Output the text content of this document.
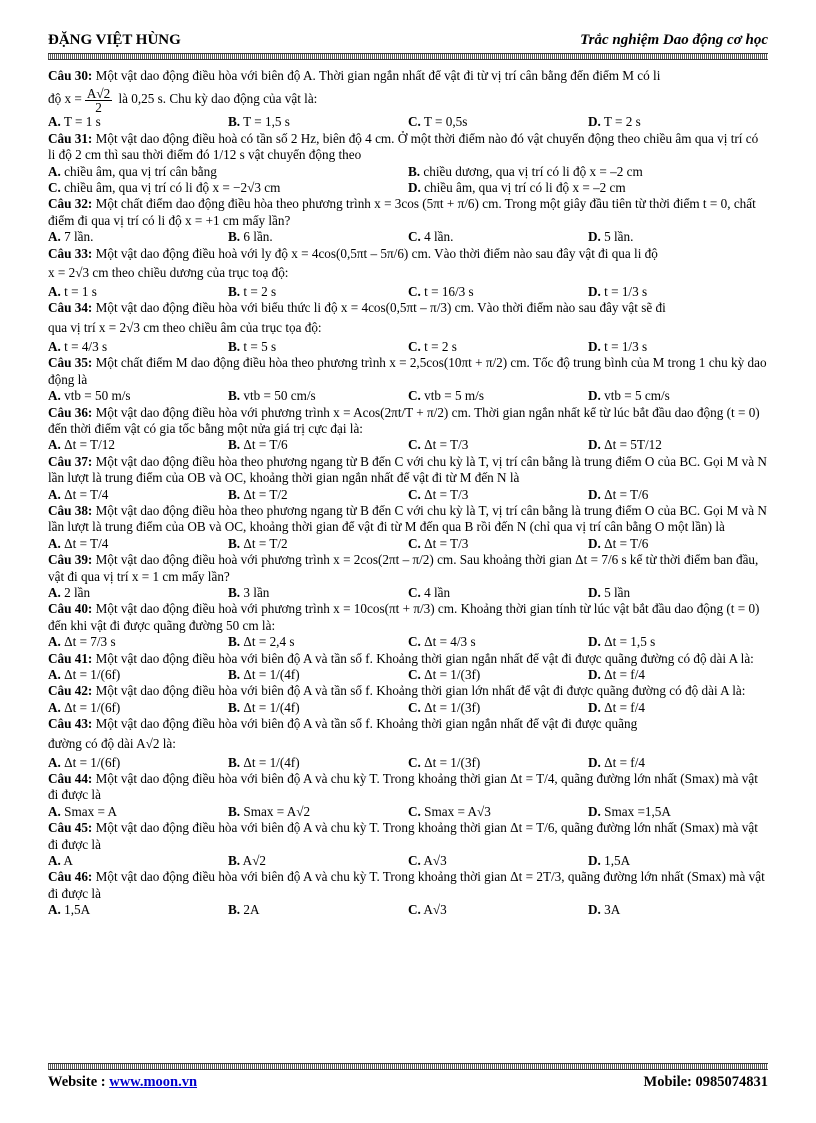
ĐẶNG VIỆT HÙNG	Trắc nghiệm Dao động cơ học
Câu 30: Một vật dao động điều hòa với biên độ A. Thời gian ngắn nhất để vật đi từ vị trí cân bằng đến điểm M có li
độ $x = \frac{A√2}{2}$ là 0,25 s. Chu kỳ dao động của vật là:
A. T = 1 s	B. T = 1,5 s	C. T = 0,5s	D. T = 2 s
Câu 31: Một vật dao động điều hoà có tần số 2 Hz, biên độ 4 cm. Ở một thời điểm nào đó vật chuyển động theo chiều âm qua vị trí có li độ 2 cm thì sau thời điểm đó 1/12 s vật chuyển động theo
A. chiều âm, qua vị trí cân bằng	B. chiều dương, qua vị trí có li độ x = –2 cm
C. chiều âm, qua vị trí có li độ x = −2√3 cm	D. chiều âm, qua vị trí có li độ x = –2 cm
Câu 32: Một chất điểm dao động điều hòa theo phương trình x = 3cos (5πt + π/6) cm. Trong một giây đầu tiên từ thời điểm t = 0, chất điểm đi qua vị trí có li độ x = +1 cm mấy lần?
A. 7 lần.	B. 6 lần.	C. 4 lần.	D. 5 lần.
Câu 33: Một vật dao động điều hoà với ly độ x = 4cos(0,5πt – 5π/6) cm. Vào thời điểm nào sau đây vật đi qua li độ
x = 2√3 cm theo chiều dương của trục toạ độ:
A. t = 1 s	B. t = 2 s	C. t = 16/3 s	D. t = 1/3 s
Câu 34: Một vật dao động điều hòa với biểu thức li độ x = 4cos(0,5πt – π/3) cm. Vào thời điểm nào sau đây vật sẽ đi
qua vị trí x = 2√3 cm theo chiều âm của trục tọa độ:
A. t = 4/3 s	B. t = 5 s	C. t = 2 s	D. t = 1/3 s
Câu 35: Một chất điểm M dao động điều hòa theo phương trình x = 2,5cos(10πt + π/2) cm. Tốc độ trung bình của M trong 1 chu kỳ dao động là
A. vtb = 50 m/s	B. vtb = 50 cm/s	C. vtb = 5 m/s	D. vtb = 5 cm/s
Câu 36: Một vật dao động điều hòa với phương trình x = Acos(2πt/T + π/2) cm. Thời gian ngắn nhất kể từ lúc bắt đầu dao động (t = 0) đến thời điểm vật có gia tốc bằng một nửa giá trị cực đại là:
A. Δt = T/12	B. Δt = T/6	C. Δt = T/3	D. Δt = 5T/12
Câu 37: Một vật dao động điều hòa theo phương ngang từ B đến C với chu kỳ là T, vị trí cân bằng là trung điểm O của BC. Gọi M và N lần lượt là trung điểm của OB và OC, khoảng thời gian ngắn nhất để vật đi từ M đến N là
A. Δt = T/4	B. Δt = T/2	C. Δt = T/3	D. Δt = T/6
Câu 38: Một vật dao động điều hòa theo phương ngang từ B đến C với chu kỳ là T, vị trí cân bằng là trung điểm O của BC. Gọi M và N lần lượt là trung điểm của OB và OC, khoảng thời gian để vật đi từ M đến qua B rồi đến N (chỉ qua vị trí cân bằng O một lần) là
A. Δt = T/4	B. Δt = T/2	C. Δt = T/3	D. Δt = T/6
Câu 39: Một vật dao động điều hoà với phương trình x = 2cos(2πt – π/2) cm. Sau khoảng thời gian Δt = 7/6 s kể từ thời điểm ban đầu, vật đi qua vị trí x = 1 cm mấy lần?
A. 2 lần	B. 3 lần	C. 4 lần	D. 5 lần
Câu 40: Một vật dao động điều hoà với phương trình x = 10cos(πt + π/3) cm. Khoảng thời gian tính từ lúc vật bắt đầu dao động (t = 0) đến khi vật đi được quãng đường 50 cm là:
A. Δt = 7/3 s	B. Δt = 2,4 s	C. Δt = 4/3 s	D. Δt = 1,5 s
Câu 41: Một vật dao động điều hòa với biên độ A và tần số f. Khoảng thời gian ngắn nhất để vật đi được quãng đường có độ dài A là:
A. Δt = 1/(6f)	B. Δt = 1/(4f)	C. Δt = 1/(3f)	D. Δt = f/4
Câu 42: Một vật dao động điều hòa với biên độ A và tần số f. Khoảng thời gian lớn nhất để vật đi được quãng đường có độ dài A là:
A. Δt = 1/(6f)	B. Δt = 1/(4f)	C. Δt = 1/(3f)	D. Δt = f/4
Câu 43: Một vật dao động điều hòa với biên độ A và tần số f. Khoảng thời gian ngắn nhất để vật đi được quãng
đường có độ dài A√2 là:
A. Δt = 1/(6f)	B. Δt = 1/(4f)	C. Δt = 1/(3f)	D. Δt = f/4
Câu 44: Một vật dao động điều hòa với biên độ A và chu kỳ T. Trong khoảng thời gian Δt = T/4, quãng đường lớn nhất (Smax) mà vật đi được là
A. Smax = A	B. Smax = A√2	C. Smax = A√3	D. Smax =1,5A
Câu 45: Một vật dao động điều hòa với biên độ A và chu kỳ T. Trong khoảng thời gian Δt = T/6, quãng đường lớn nhất (Smax) mà vật đi được là
A. A	B. A√2	C. A√3	D. 1,5A
Câu 46: Một vật dao động điều hòa với biên độ A và chu kỳ T. Trong khoảng thời gian Δt = 2T/3, quãng đường lớn nhất (Smax) mà vật đi được là
A. 1,5A	B. 2A	C. A√3	D. 3A
Website : www.moon.vn	Mobile: 0985074831
